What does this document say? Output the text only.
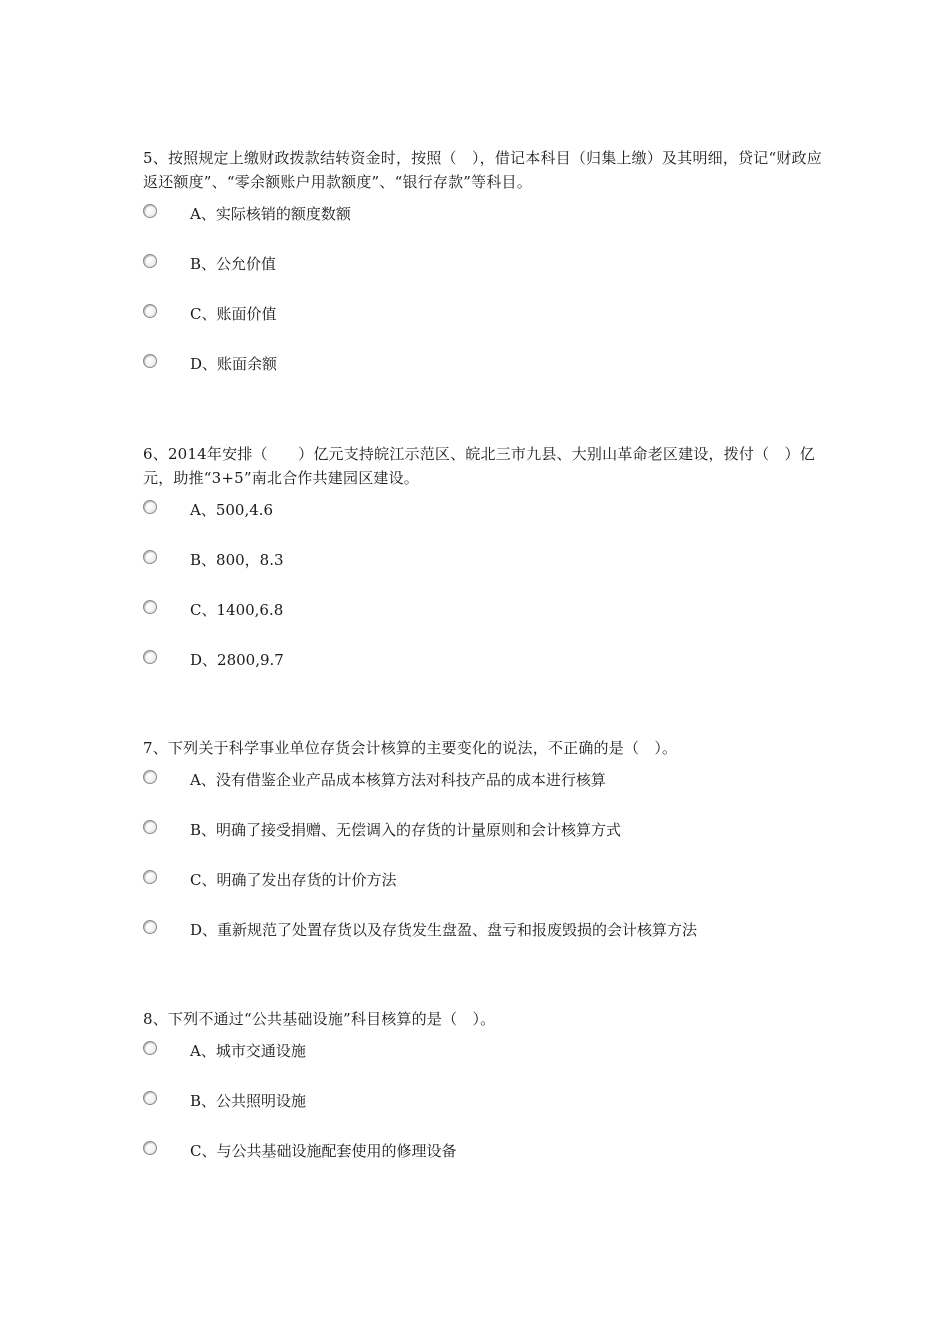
5、按照规定上缴财政拨款结转资金时，按照（　），借记本科目（归集上缴）及其明细，贷记“财政应返还额度”、“零余额账户用款额度”、“银行存款”等科目。

A、实际核销的额度数额
B、公允价值
C、账面价值
D、账面余额

6、2014年安排（　　）亿元支持皖江示范区、皖北三市九县、大别山革命老区建设，拨付（　）亿元，助推“3+5”南北合作共建园区建设。

A、500,4.6
B、800，8.3
C、1400,6.8
D、2800,9.7

7、下列关于科学事业单位存货会计核算的主要变化的说法，不正确的是（　）。

A、没有借鉴企业产品成本核算方法对科技产品的成本进行核算
B、明确了接受捐赠、无偿调入的存货的计量原则和会计核算方式
C、明确了发出存货的计价方法
D、重新规范了处置存货以及存货发生盘盈、盘亏和报废毁损的会计核算方法

8、下列不通过“公共基础设施”科目核算的是（　）。

A、城市交通设施
B、公共照明设施
C、与公共基础设施配套使用的修理设备
